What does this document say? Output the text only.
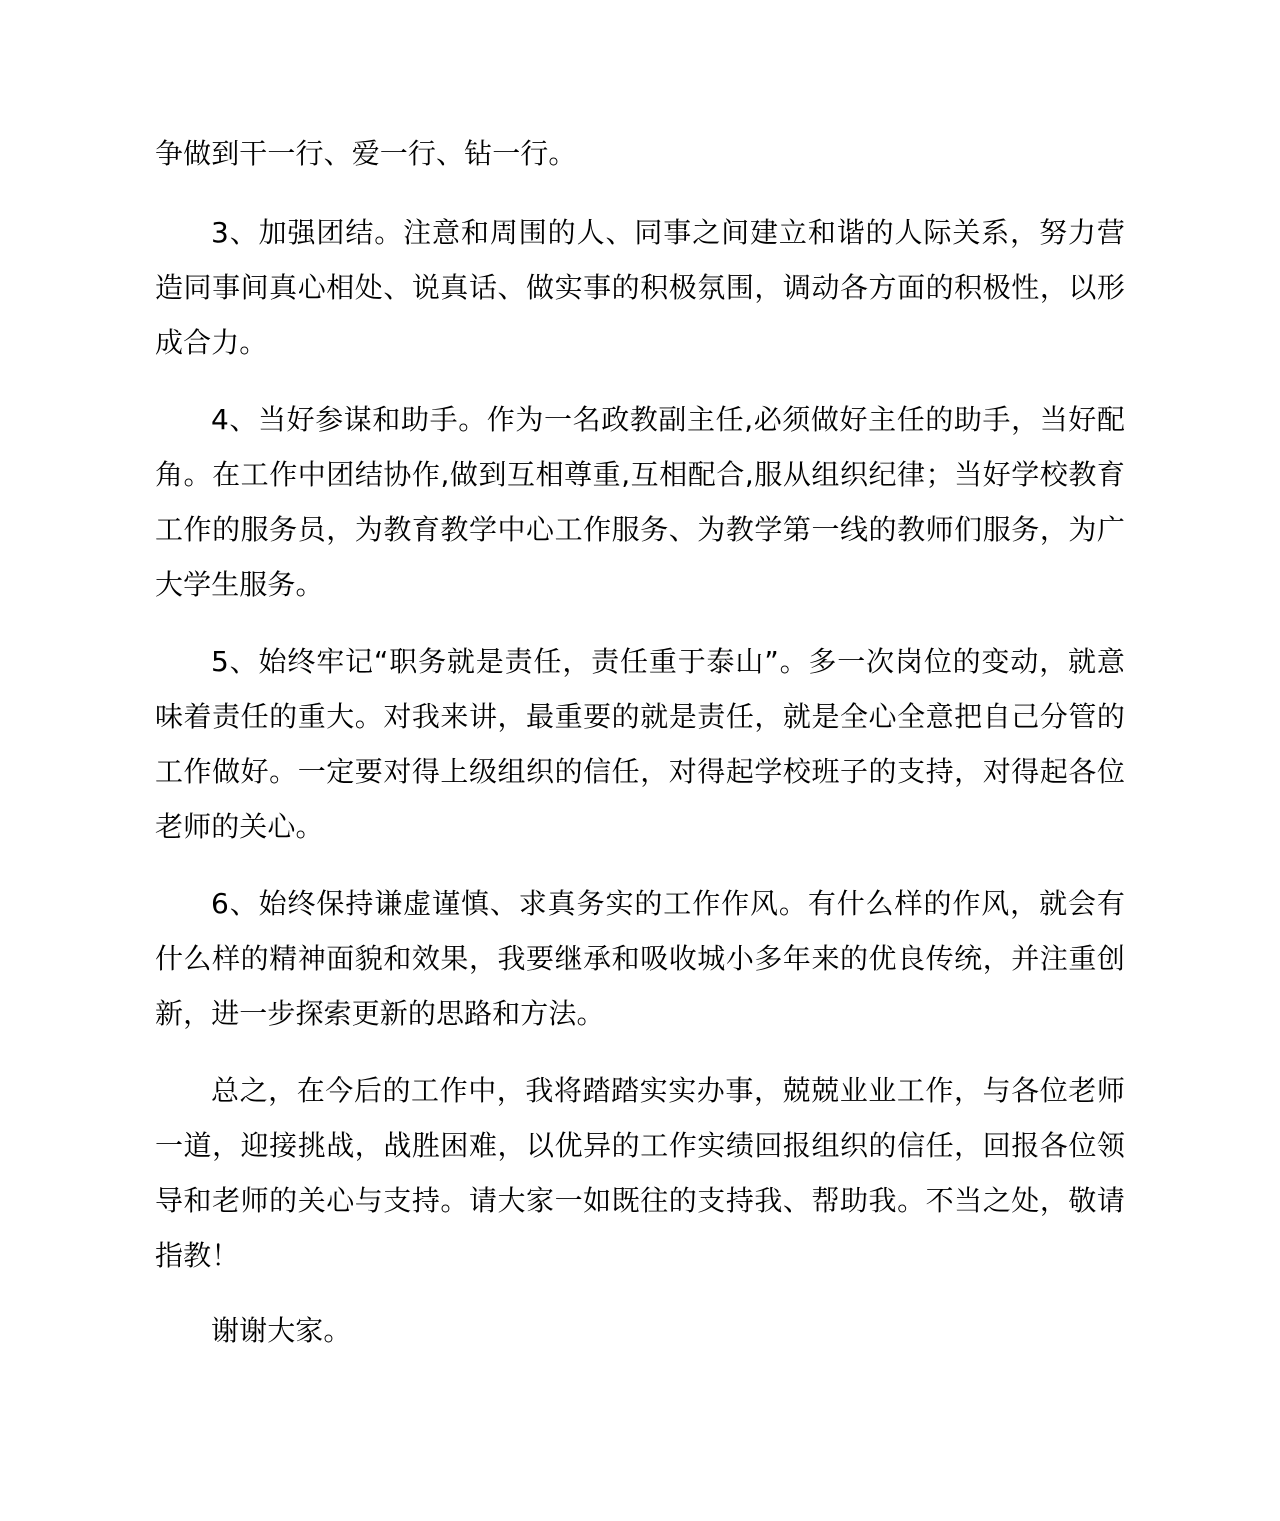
争做到干一行、爱一行、钻一行。

3、加强团结。注意和周围的人、同事之间建立和谐的人际关系，努力营造同事间真心相处、说真话、做实事的积极氛围，调动各方面的积极性，以形成合力。

4、当好参谋和助手。作为一名政教副主任,必须做好主任的助手，当好配角。在工作中团结协作,做到互相尊重,互相配合,服从组织纪律；当好学校教育工作的服务员，为教育教学中心工作服务、为教学第一线的教师们服务，为广大学生服务。

5、始终牢记“职务就是责任，责任重于泰山”。多一次岗位的变动，就意味着责任的重大。对我来讲，最重要的就是责任，就是全心全意把自己分管的工作做好。一定要对得上级组织的信任，对得起学校班子的支持，对得起各位老师的关心。

6、始终保持谦虚谨慎、求真务实的工作作风。有什么样的作风，就会有什么样的精神面貌和效果，我要继承和吸收城小多年来的优良传统，并注重创新，进一步探索更新的思路和方法。

总之，在今后的工作中，我将踏踏实实办事，兢兢业业工作，与各位老师一道，迎接挑战，战胜困难，以优异的工作实绩回报组织的信任，回报各位领导和老师的关心与支持。请大家一如既往的支持我、帮助我。不当之处，敬请指教！

谢谢大家。
